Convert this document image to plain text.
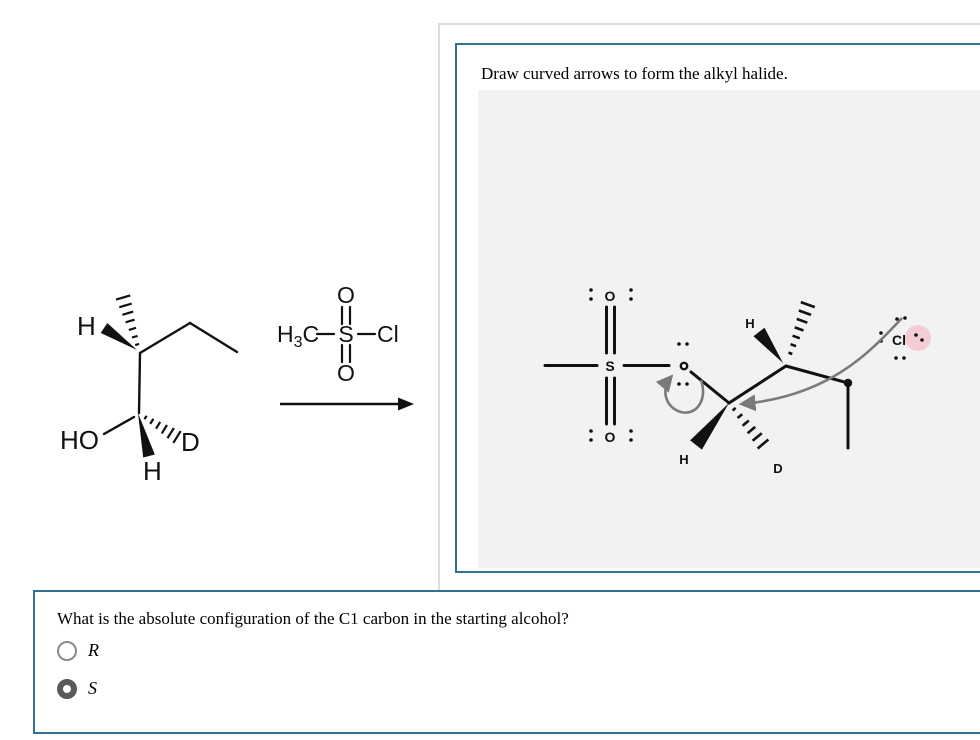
H
HO	D
H
O
$H_3C$ S Cl
O
Draw curved arrows to form the alkyl halide.
O
S
O
H
H
D
Cl
What is the absolute configuration of the C1 carbon in the starting alcohol?
R
S
